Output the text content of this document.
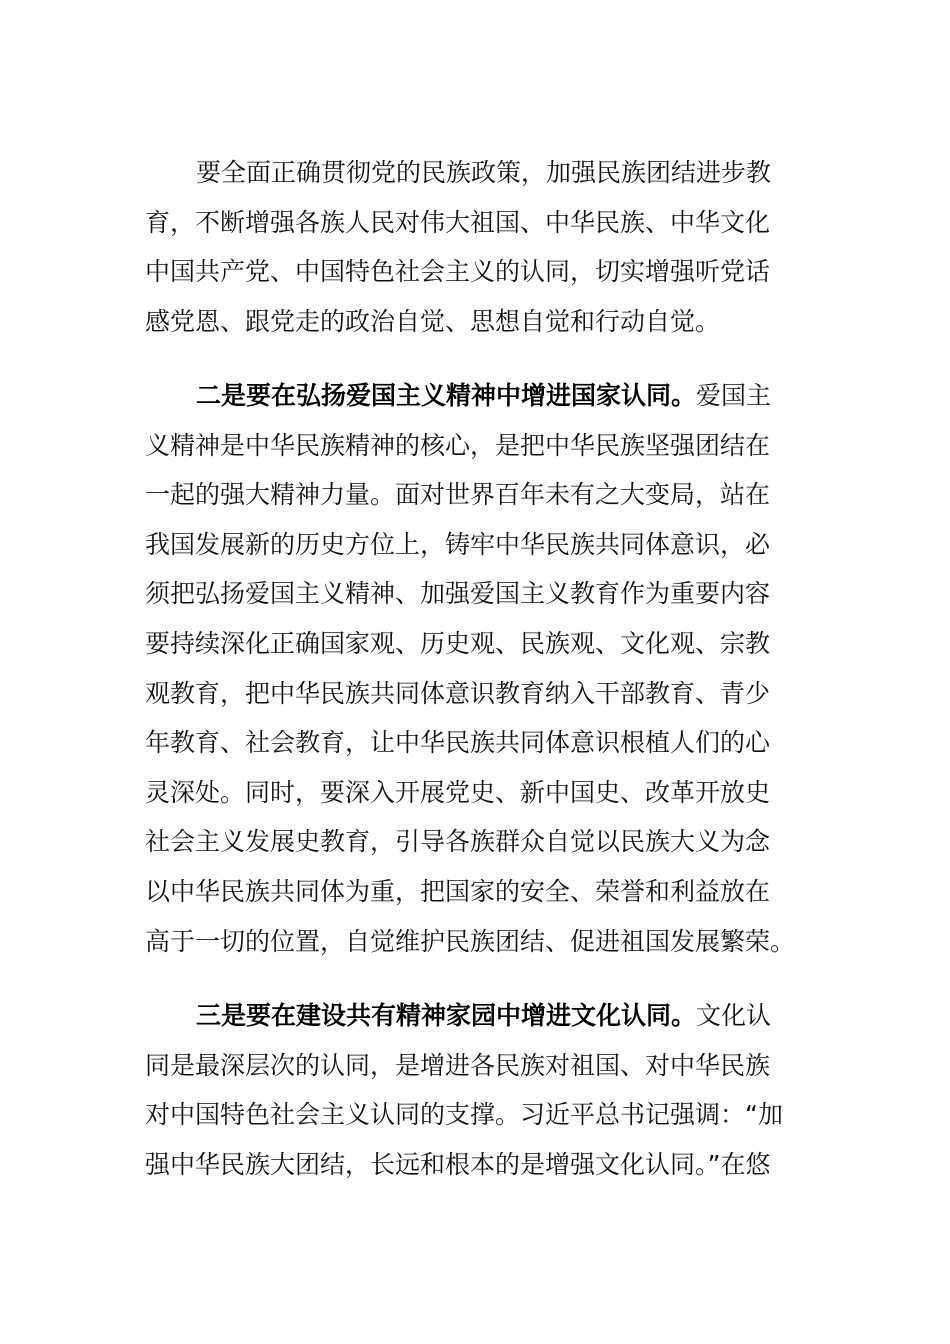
要全面正确贯彻党的民族政策，加强民族团结进步教
育，不断增强各族人民对伟大祖国、中华民族、中华文化
中国共产党、中国特色社会主义的认同，切实增强听党话
感党恩、跟党走的政治自觉、思想自觉和行动自觉。
二是要在弘扬爱国主义精神中增进国家认同。爱国主
义精神是中华民族精神的核心，是把中华民族坚强团结在
一起的强大精神力量。面对世界百年未有之大变局，站在
我国发展新的历史方位上，铸牢中华民族共同体意识，必
须把弘扬爱国主义精神、加强爱国主义教育作为重要内容
要持续深化正确国家观、历史观、民族观、文化观、宗教
观教育，把中华民族共同体意识教育纳入干部教育、青少
年教育、社会教育，让中华民族共同体意识根植人们的心
灵深处。同时，要深入开展党史、新中国史、改革开放史
社会主义发展史教育，引导各族群众自觉以民族大义为念
以中华民族共同体为重，把国家的安全、荣誉和利益放在
高于一切的位置，自觉维护民族团结、促进祖国发展繁荣。
三是要在建设共有精神家园中增进文化认同。文化认
同是最深层次的认同，是增进各民族对祖国、对中华民族
对中国特色社会主义认同的支撑。习近平总书记强调：“加
强中华民族大团结，长远和根本的是增强文化认同。”在悠
